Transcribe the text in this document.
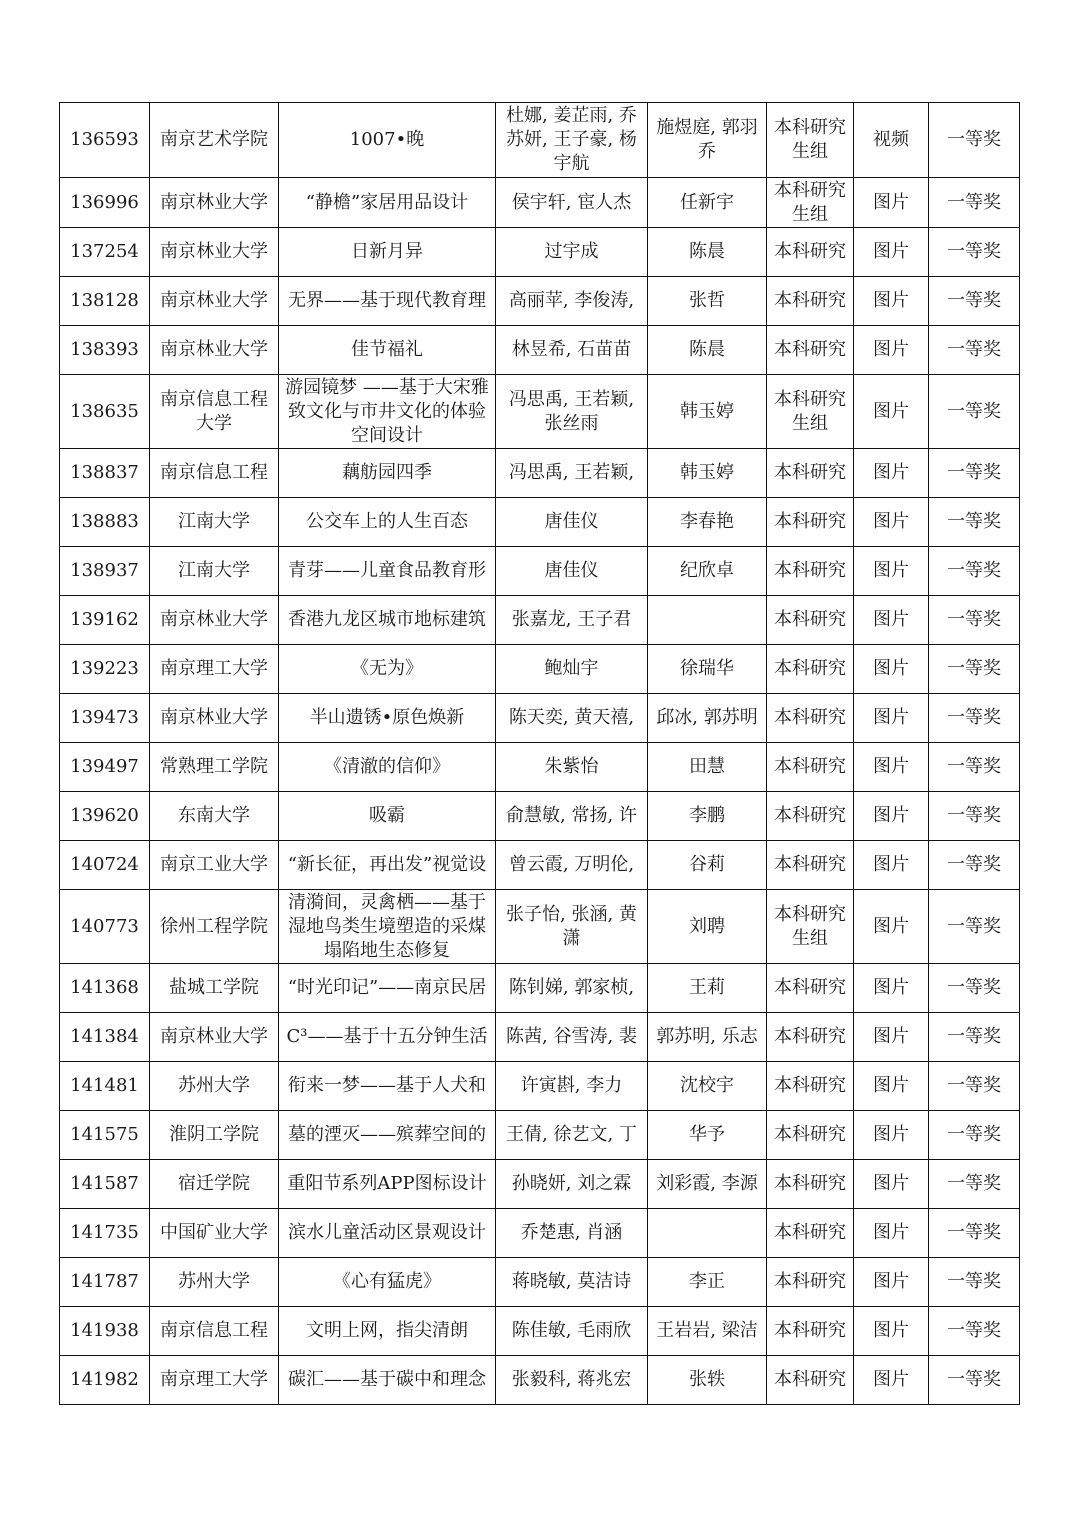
136593	南京艺术学院	1007•晚	杜娜, 姜芷雨, 乔苏妍, 王子豪, 杨宇航	施煜庭, 郭羽乔	本科研究生组	视频	一等奖

136996	南京林业大学	“静檐”家居用品设计	侯宇轩, 宦人杰	任新宇	本科研究生组	图片	一等奖

137254	南京林业大学	日新月异	过宇成	陈晨	本科研究	图片	一等奖

138128	南京林业大学	无界——基于现代教育理	高丽苹, 李俊涛,	张哲	本科研究	图片	一等奖

138393	南京林业大学	佳节福礼	林昱希, 石苗苗	陈晨	本科研究	图片	一等奖

138635	南京信息工程大学	游园镜梦 ——基于大宋雅致文化与市井文化的体验空间设计	冯思禹, 王若颖, 张丝雨	韩玉婷	本科研究生组	图片	一等奖

138837	南京信息工程	藕舫园四季	冯思禹, 王若颖,	韩玉婷	本科研究	图片	一等奖

138883	江南大学	公交车上的人生百态	唐佳仪	李春艳	本科研究	图片	一等奖

138937	江南大学	青芽——儿童食品教育形	唐佳仪	纪欣卓	本科研究	图片	一等奖

139162	南京林业大学	香港九龙区城市地标建筑	张嘉龙, 王子君		本科研究	图片	一等奖

139223	南京理工大学	《无为》	鲍灿宇	徐瑞华	本科研究	图片	一等奖

139473	南京林业大学	半山遗锈•原色焕新	陈天奕, 黄天禧,	邱冰, 郭苏明	本科研究	图片	一等奖

139497	常熟理工学院	《清澈的信仰》	朱紫怡	田慧	本科研究	图片	一等奖

139620	东南大学	吸霸	俞慧敏, 常扬, 许	李鹏	本科研究	图片	一等奖

140724	南京工业大学	“新长征，再出发”视觉设	曾云霞, 万明伦,	谷莉	本科研究	图片	一等奖

140773	徐州工程学院	清漪间，灵禽栖——基于湿地鸟类生境塑造的采煤塌陷地生态修复	张子怡, 张涵, 黄潇	刘聘	本科研究生组	图片	一等奖

141368	盐城工学院	“时光印记”——南京民居	陈钊娣, 郭家桢,	王莉	本科研究	图片	一等奖

141384	南京林业大学	C³——基于十五分钟生活	陈茜, 谷雪涛, 裴	郭苏明, 乐志	本科研究	图片	一等奖

141481	苏州大学	衔来一梦——基于人犬和	许寅斟, 李力	沈校宇	本科研究	图片	一等奖

141575	淮阴工学院	墓的湮灭——殡葬空间的	王倩, 徐艺文, 丁	华予	本科研究	图片	一等奖

141587	宿迁学院	重阳节系列APP图标设计	孙晓妍, 刘之霖	刘彩霞, 李源	本科研究	图片	一等奖

141735	中国矿业大学	滨水儿童活动区景观设计	乔楚惠, 肖涵		本科研究	图片	一等奖

141787	苏州大学	《心有猛虎》	蒋晓敏, 莫洁诗	李正	本科研究	图片	一等奖

141938	南京信息工程	文明上网，指尖清朗	陈佳敏, 毛雨欣	王岩岩, 梁洁	本科研究	图片	一等奖

141982	南京理工大学	碳汇——基于碳中和理念	张毅科, 蒋兆宏	张轶	本科研究	图片	一等奖
